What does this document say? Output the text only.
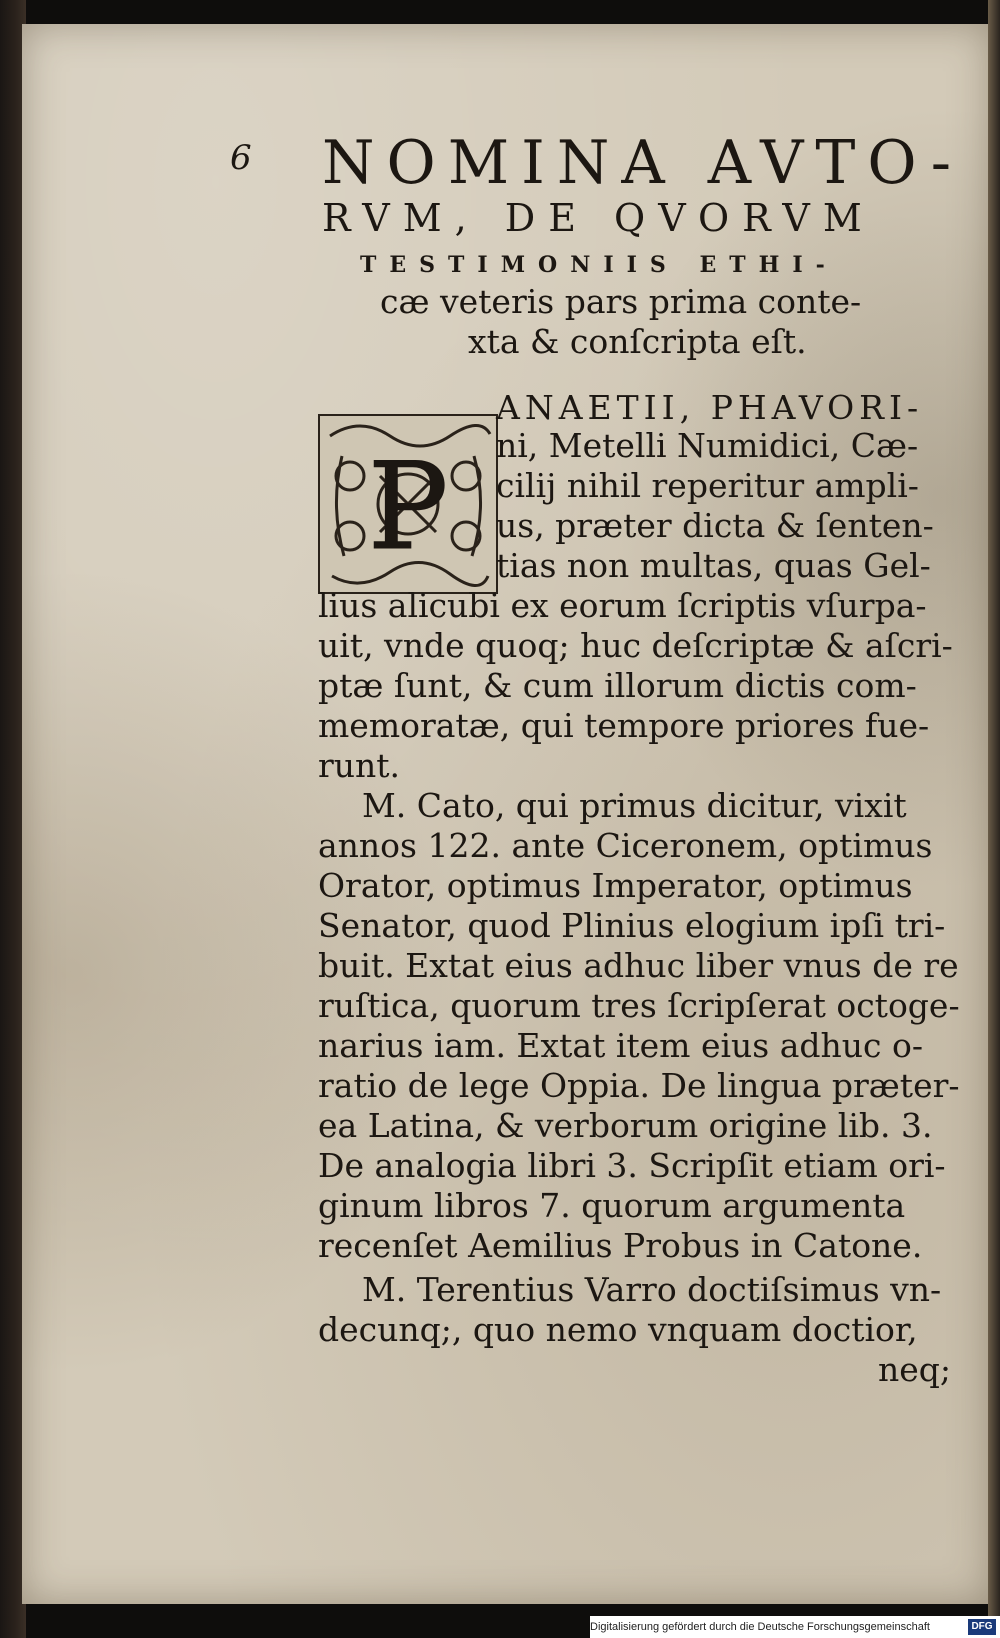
6 NOMINA AVTO-
RVM, DE QVORVM
TESTIMONIIS ETHI-
cæ veteris pars prima conte-
xta & conſcripta eſt.
P
ANAETII, PHAVORI-
ni, Metelli Numidici, Cæ-
cilij nihil reperitur ampli-
us, præter dicta & ſenten-
tias non multas, quas Gel-
lius alicubi ex eorum ſcriptis vſurpa-
uit, vnde quoq; huc deſcriptæ & aſcri-
ptæ ſunt, & cum illorum dictis com-
memoratæ, qui tempore priores fue-
runt.
M. Cato, qui primus dicitur, vixit
annos 122. ante Ciceronem, optimus
Orator, optimus Imperator, optimus
Senator, quod Plinius elogium ipſi tri-
buit. Extat eius adhuc liber vnus de re
ruſtica, quorum tres ſcripſerat octoge-
narius iam. Extat item eius adhuc o-
ratio de lege Oppia. De lingua præter-
ea Latina, & verborum origine lib. 3.
De analogia libri 3. Scripſit etiam ori-
ginum libros 7. quorum argumenta
recenſet Aemilius Probus in Catone.
M. Terentius Varro doctiſsimus vn-
decunq;, quo nemo vnquam doctior,
neq;
Digitalisierung gefördert durch die Deutsche Forschungsgemeinschaft	DFG
